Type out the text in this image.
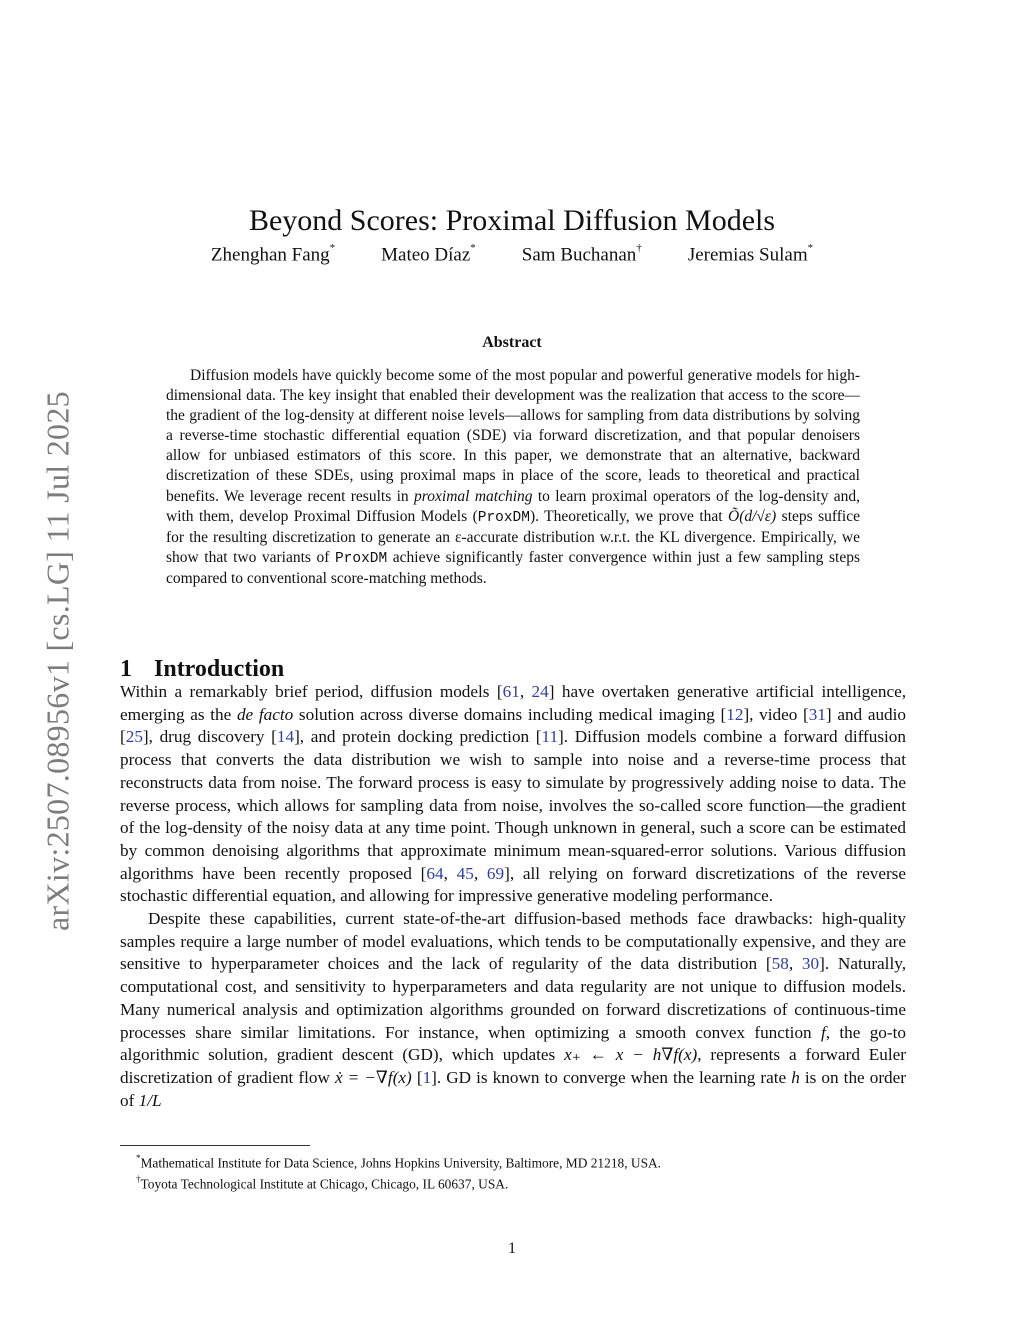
arXiv:2507.08956v1 [cs.LG] 11 Jul 2025
Beyond Scores: Proximal Diffusion Models
Zhenghan Fang* Mateo Díaz* Sam Buchanan† Jeremias Sulam*
Abstract

Diffusion models have quickly become some of the most popular and powerful generative models for high-dimensional data. The key insight that enabled their development was the realization that access to the score—the gradient of the log-density at different noise levels—allows for sampling from data distributions by solving a reverse-time stochastic differential equation (SDE) via forward discretization, and that popular denoisers allow for unbiased estimators of this score. In this paper, we demonstrate that an alternative, backward discretization of these SDEs, using proximal maps in place of the score, leads to theoretical and practical benefits. We leverage recent results in proximal matching to learn proximal operators of the log-density and, with them, develop Proximal Diffusion Models (ProxDM). Theoretically, we prove that Õ(d/√ε) steps suffice for the resulting discretization to generate an ε-accurate distribution w.r.t. the KL divergence. Empirically, we show that two variants of ProxDM achieve significantly faster convergence within just a few sampling steps compared to conventional score-matching methods.

1 Introduction

Within a remarkably brief period, diffusion models [61, 24] have overtaken generative artificial intelligence, emerging as the de facto solution across diverse domains including medical imaging [12], video [31] and audio [25], drug discovery [14], and protein docking prediction [11]. Diffusion models combine a forward diffusion process that converts the data distribution we wish to sample into noise and a reverse-time process that reconstructs data from noise. The forward process is easy to simulate by progressively adding noise to data. The reverse process, which allows for sampling data from noise, involves the so-called score function—the gradient of the log-density of the noisy data at any time point. Though unknown in general, such a score can be estimated by common denoising algorithms that approximate minimum mean-squared-error solutions. Various diffusion algorithms have been recently proposed [64, 45, 69], all relying on forward discretizations of the reverse stochastic differential equation, and allowing for impressive generative modeling performance.

Despite these capabilities, current state-of-the-art diffusion-based methods face drawbacks: high-quality samples require a large number of model evaluations, which tends to be computationally expensive, and they are sensitive to hyperparameter choices and the lack of regularity of the data distribution [58, 30]. Naturally, computational cost, and sensitivity to hyperparameters and data regularity are not unique to diffusion models. Many numerical analysis and optimization algorithms grounded on forward discretizations of continuous-time processes share similar limitations. For instance, when optimizing a smooth convex function f, the go-to algorithmic solution, gradient descent (GD), which updates x₊ ← x − h∇f(x), represents a forward Euler discretization of gradient flow ẋ = −∇f(x) [1]. GD is known to converge when the learning rate h is on the order of 1/L

*Mathematical Institute for Data Science, Johns Hopkins University, Baltimore, MD 21218, USA.
†Toyota Technological Institute at Chicago, Chicago, IL 60637, USA.
1
